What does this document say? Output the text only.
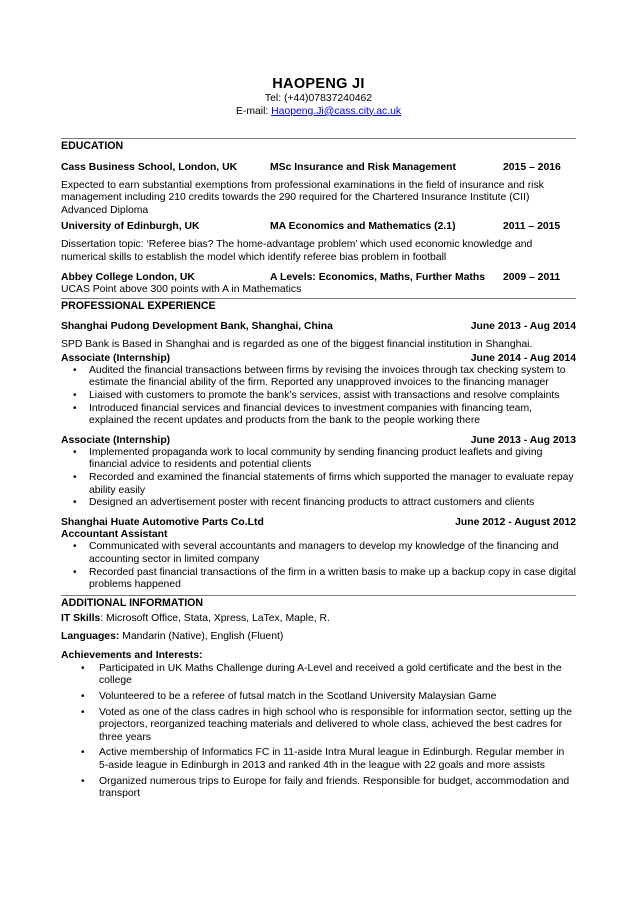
HAOPENG JI
Tel: (+44)07837240462
E-mail: Haopeng.Ji@cass.city.ac.uk
EDUCATION
Cass Business School, London, UK	MSc Insurance and Risk Management	2015 – 2016
Expected to earn substantial exemptions from professional examinations in the field of insurance and risk management including 210 credits towards the 290 required for the Chartered Insurance Institute (CII) Advanced Diploma
University of Edinburgh, UK	MA Economics and Mathematics (2.1)	2011 – 2015
Dissertation topic: ‘Referee bias? The home-advantage problem’ which used economic knowledge and numerical skills to establish the model which identify referee bias problem in football
Abbey College London, UK	A Levels: Economics, Maths, Further Maths	2009 – 2011
UCAS Point above 300 points with A in Mathematics
PROFESSIONAL EXPERIENCE
Shanghai Pudong Development Bank, Shanghai, China	June 2013 - Aug 2014
SPD Bank is Based in Shanghai and is regarded as one of the biggest financial institution in Shanghai.
Associate (Internship)	June 2014 - Aug 2014
• Audited the financial transactions between firms by revising the invoices through tax checking system to estimate the financial ability of the firm. Reported any unapproved invoices to the financing manager
• Liaised with customers to promote the bank’s services, assist with transactions and resolve complaints
• Introduced financial services and financial devices to investment companies with financing team, explained the recent updates and products from the bank to the people working there
Associate (Internship)	June 2013 - Aug 2013
• Implemented propaganda work to local community by sending financing product leaflets and giving financial advice to residents and potential clients
• Recorded and examined the financial statements of firms which supported the manager to evaluate repay ability easily
• Designed an advertisement poster with recent financing products to attract customers and clients
Shanghai Huate Automotive Parts Co.Ltd	June 2012 - August 2012
Accountant Assistant
• Communicated with several accountants and managers to develop my knowledge of the financing and accounting sector in limited company
• Recorded past financial transactions of the firm in a written basis to make up a backup copy in case digital problems happened
ADDITIONAL INFORMATION
IT Skills: Microsoft Office, Stata, Xpress, LaTex, Maple, R.
Languages: Mandarin (Native), English (Fluent)
Achievements and Interests:
• Participated in UK Maths Challenge during A-Level and received a gold certificate and the best in the college
• Volunteered to be a referee of futsal match in the Scotland University Malaysian Game
• Voted as one of the class cadres in high school who is responsible for information sector, setting up the projectors, reorganized teaching materials and delivered to whole class, achieved the best cadres for three years
• Active membership of Informatics FC in 11-aside Intra Mural league in Edinburgh. Regular member in 5-aside league in Edinburgh in 2013 and ranked 4th in the league with 22 goals and more assists
• Organized numerous trips to Europe for faily and friends. Responsible for budget, accommodation and transport
